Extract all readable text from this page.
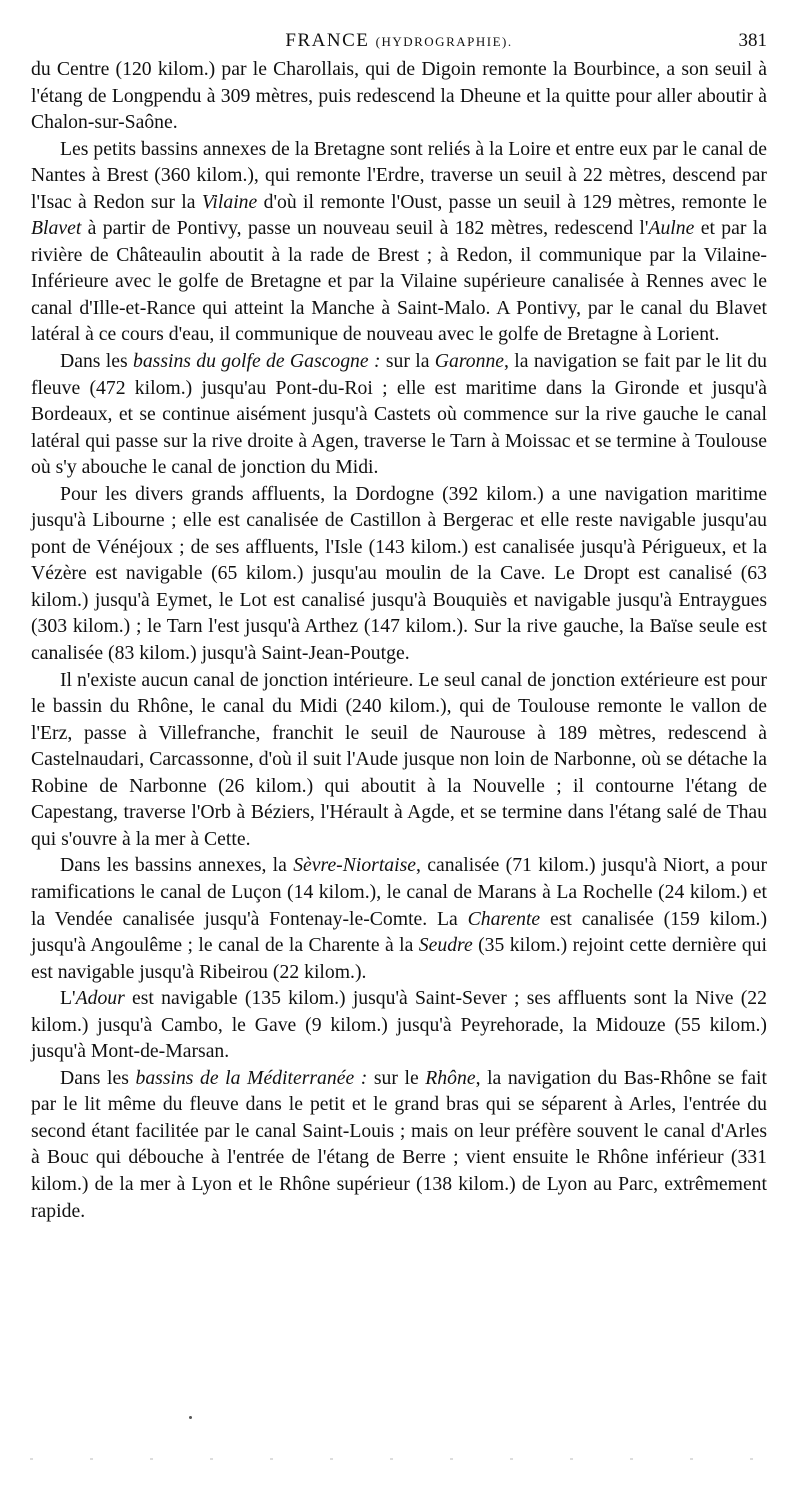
FRANCE (HYDROGRAPHIE).	381

du Centre (120 kilom.) par le Charollais, qui de Digoin remonte la Bourbince, a son seuil à l'étang de Longpendu à 309 mètres, puis redescend la Dheune et la quitte pour aller aboutir à Chalon-sur-Saône.

Les petits bassins annexes de la Bretagne sont reliés à la Loire et entre eux par le canal de Nantes à Brest (360 kilom.), qui remonte l'Erdre, traverse un seuil à 22 mètres, descend par l'Isac à Redon sur la Vilaine d'où il remonte l'Oust, passe un seuil à 129 mètres, remonte le Blavet à partir de Pontivy, passe un nouveau seuil à 182 mètres, redescend l'Aulne et par la rivière de Châteaulin aboutit à la rade de Brest ; à Redon, il communique par la Vilaine-Inférieure avec le golfe de Bretagne et par la Vilaine supérieure canalisée à Rennes avec le canal d'Ille-et-Rance qui atteint la Manche à Saint-Malo. A Pontivy, par le canal du Blavet latéral à ce cours d'eau, il communique de nouveau avec le golfe de Bretagne à Lorient.

Dans les bassins du golfe de Gascogne : sur la Garonne, la navigation se fait par le lit du fleuve (472 kilom.) jusqu'au Pont-du-Roi ; elle est maritime dans la Gironde et jusqu'à Bordeaux, et se continue aisément jusqu'à Castets où commence sur la rive gauche le canal latéral qui passe sur la rive droite à Agen, traverse le Tarn à Moissac et se termine à Toulouse où s'y abouche le canal de jonction du Midi.

Pour les divers grands affluents, la Dordogne (392 kilom.) a une navigation maritime jusqu'à Libourne ; elle est canalisée de Castillon à Bergerac et elle reste navigable jusqu'au pont de Vénéjoux ; de ses affluents, l'Isle (143 kilom.) est canalisée jusqu'à Périgueux, et la Vézère est navigable (65 kilom.) jusqu'au moulin de la Cave. Le Dropt est canalisé (63 kilom.) jusqu'à Eymet, le Lot est canalisé jusqu'à Bouquiès et navigable jusqu'à Entraygues (303 kilom.) ; le Tarn l'est jusqu'à Arthez (147 kilom.). Sur la rive gauche, la Baïse seule est canalisée (83 kilom.) jusqu'à Saint-Jean-Poutge.

Il n'existe aucun canal de jonction intérieure. Le seul canal de jonction extérieure est pour le bassin du Rhône, le canal du Midi (240 kilom.), qui de Toulouse remonte le vallon de l'Erz, passe à Villefranche, franchit le seuil de Naurouse à 189 mètres, redescend à Castelnaudari, Carcassonne, d'où il suit l'Aude jusque non loin de Narbonne, où se détache la Robine de Narbonne (26 kilom.) qui aboutit à la Nouvelle ; il contourne l'étang de Capestang, traverse l'Orb à Béziers, l'Hérault à Agde, et se termine dans l'étang salé de Thau qui s'ouvre à la mer à Cette.

Dans les bassins annexes, la Sèvre-Niortaise, canalisée (71 kilom.) jusqu'à Niort, a pour ramifications le canal de Luçon (14 kilom.), le canal de Marans à La Rochelle (24 kilom.) et la Vendée canalisée jusqu'à Fontenay-le-Comte. La Charente est canalisée (159 kilom.) jusqu'à Angoulême ; le canal de la Charente à la Seudre (35 kilom.) rejoint cette dernière qui est navigable jusqu'à Ribeirou (22 kilom.).

L'Adour est navigable (135 kilom.) jusqu'à Saint-Sever ; ses affluents sont la Nive (22 kilom.) jusqu'à Cambo, le Gave (9 kilom.) jusqu'à Peyrehorade, la Midouze (55 kilom.) jusqu'à Mont-de-Marsan.

Dans les bassins de la Méditerranée : sur le Rhône, la navigation du Bas-Rhône se fait par le lit même du fleuve dans le petit et le grand bras qui se séparent à Arles, l'entrée du second étant facilitée par le canal Saint-Louis ; mais on leur préfère souvent le canal d'Arles à Bouc qui débouche à l'entrée de l'étang de Berre ; vient ensuite le Rhône inférieur (331 kilom.) de la mer à Lyon et le Rhône supérieur (138 kilom.) de Lyon au Parc, extrêmement rapide.
